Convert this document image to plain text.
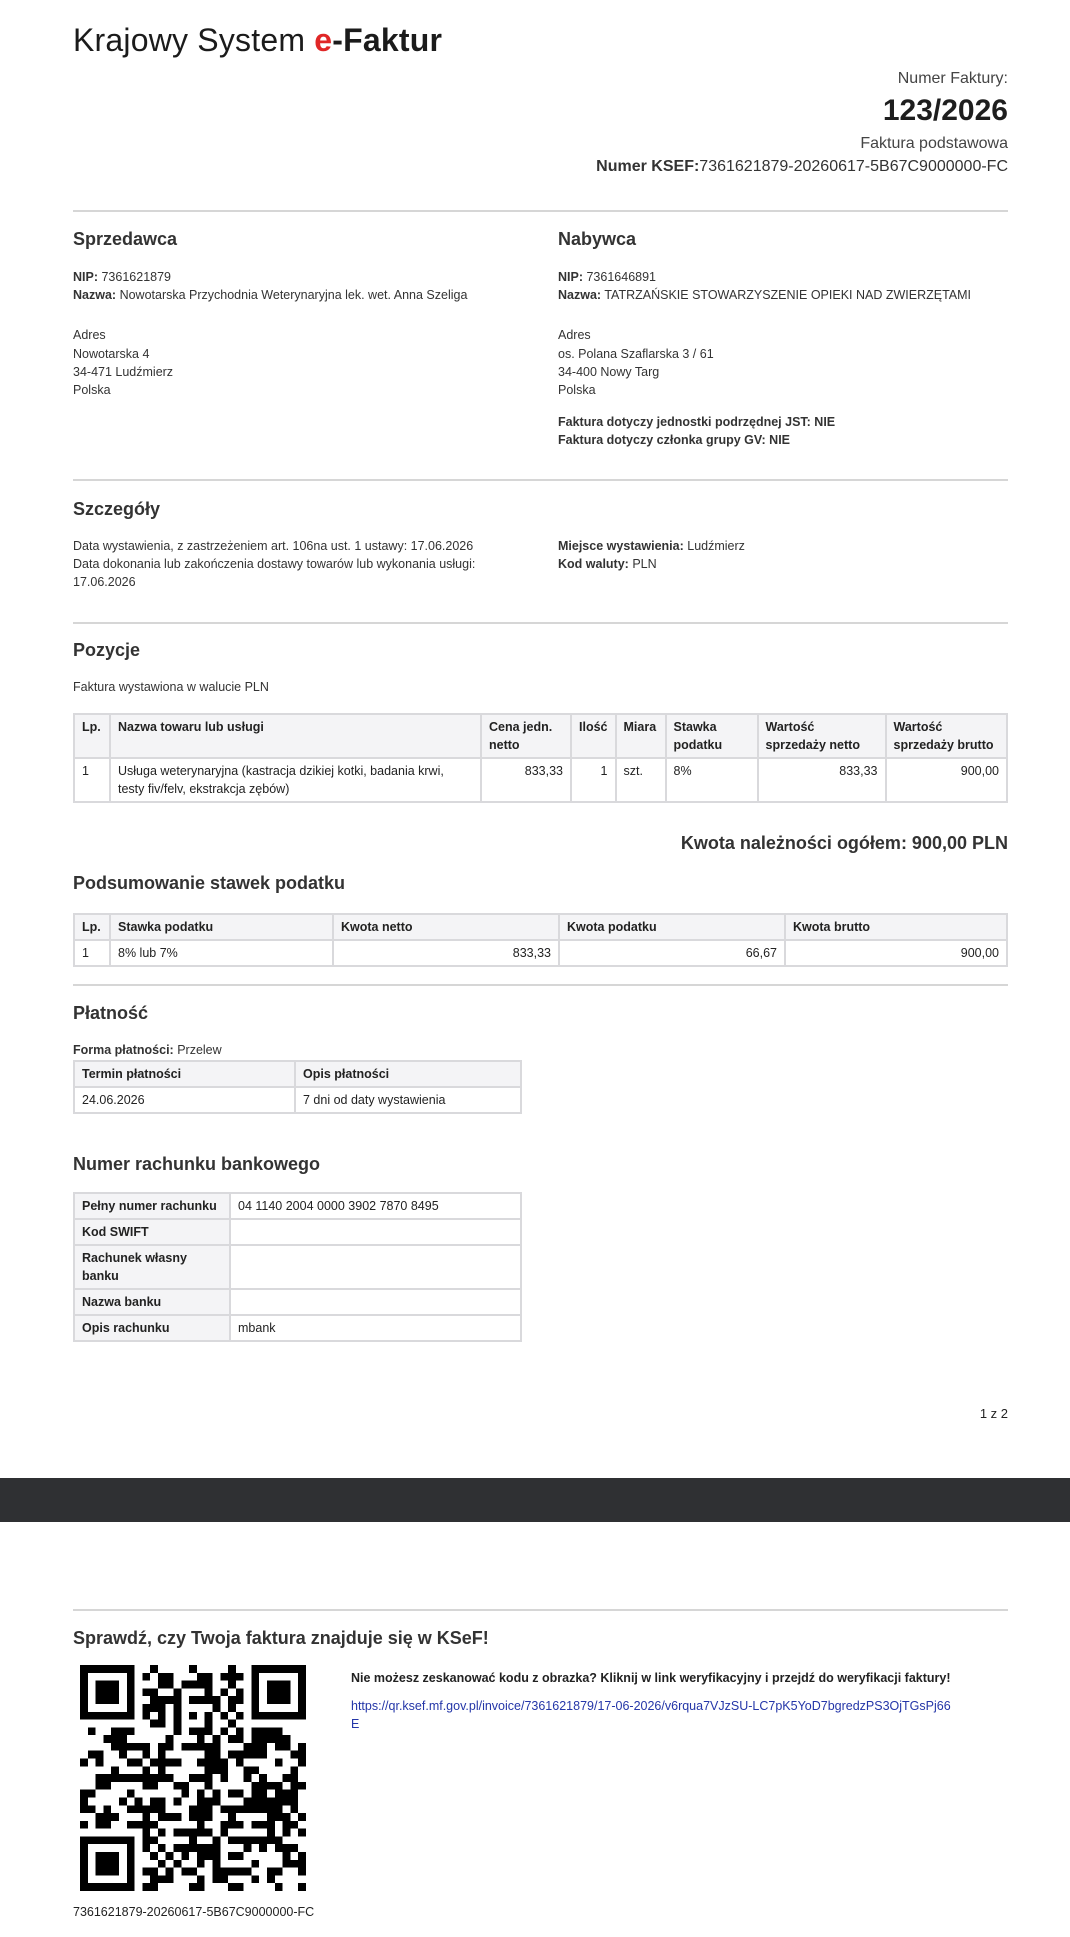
Krajowy System e-Faktur
Numer Faktury:
123/2026
Faktura podstawowa
Numer KSEF:7361621879-20260617-5B67C9000000-FC
Sprzedawca
NIP: 7361621879
Nazwa: Nowotarska Przychodnia Weterynaryjna lek. wet. Anna Szeliga
Adres
Nowotarska 4
34-471 Ludźmierz
Polska
Nabywca
NIP: 7361646891
Nazwa: TATRZAŃSKIE STOWARZYSZENIE OPIEKI NAD ZWIERZĘTAMI
Adres
os. Polana Szaflarska 3 / 61
34-400 Nowy Targ
Polska
Faktura dotyczy jednostki podrzędnej JST: NIE
Faktura dotyczy członka grupy GV: NIE
Szczegóły
Data wystawienia, z zastrzeżeniem art. 106na ust. 1 ustawy: 17.06.2026
Data dokonania lub zakończenia dostawy towarów lub wykonania usługi:
17.06.2026
Miejsce wystawienia: Ludźmierz
Kod waluty: PLN
Pozycje
Faktura wystawiona w walucie PLN
Lp.	Nazwa towaru lub usługi	Cena jedn. netto	Ilość	Miara	Stawka podatku	Wartość sprzedaży netto	Wartość sprzedaży brutto
1	Usługa weterynaryjna (kastracja dzikiej kotki, badania krwi, testy fiv/felv, ekstrakcja zębów)	833,33	1	szt.	8%	833,33	900,00
Kwota należności ogółem: 900,00 PLN
Podsumowanie stawek podatku
Lp.	Stawka podatku	Kwota netto	Kwota podatku	Kwota brutto
1	8% lub 7%	833,33	66,67	900,00
Płatność
Forma płatności: Przelew
Termin płatności	Opis płatności
24.06.2026	7 dni od daty wystawienia
Numer rachunku bankowego
Pełny numer rachunku	04 1140 2004 0000 3902 7870 8495
Kod SWIFT	
Rachunek własny banku	
Nazwa banku	
Opis rachunku	mbank
1 z 2
Sprawdź, czy Twoja faktura znajduje się w KSeF!
7361621879-20260617-5B67C9000000-FC
Nie możesz zeskanować kodu z obrazka? Kliknij w link weryfikacyjny i przejdź do weryfikacji faktury!
https://qr.ksef.mf.gov.pl/invoice/7361621879/17-06-2026/v6rqua7VJzSU-LC7pK5YoD7bgredzPS3OjTGsPj66E
